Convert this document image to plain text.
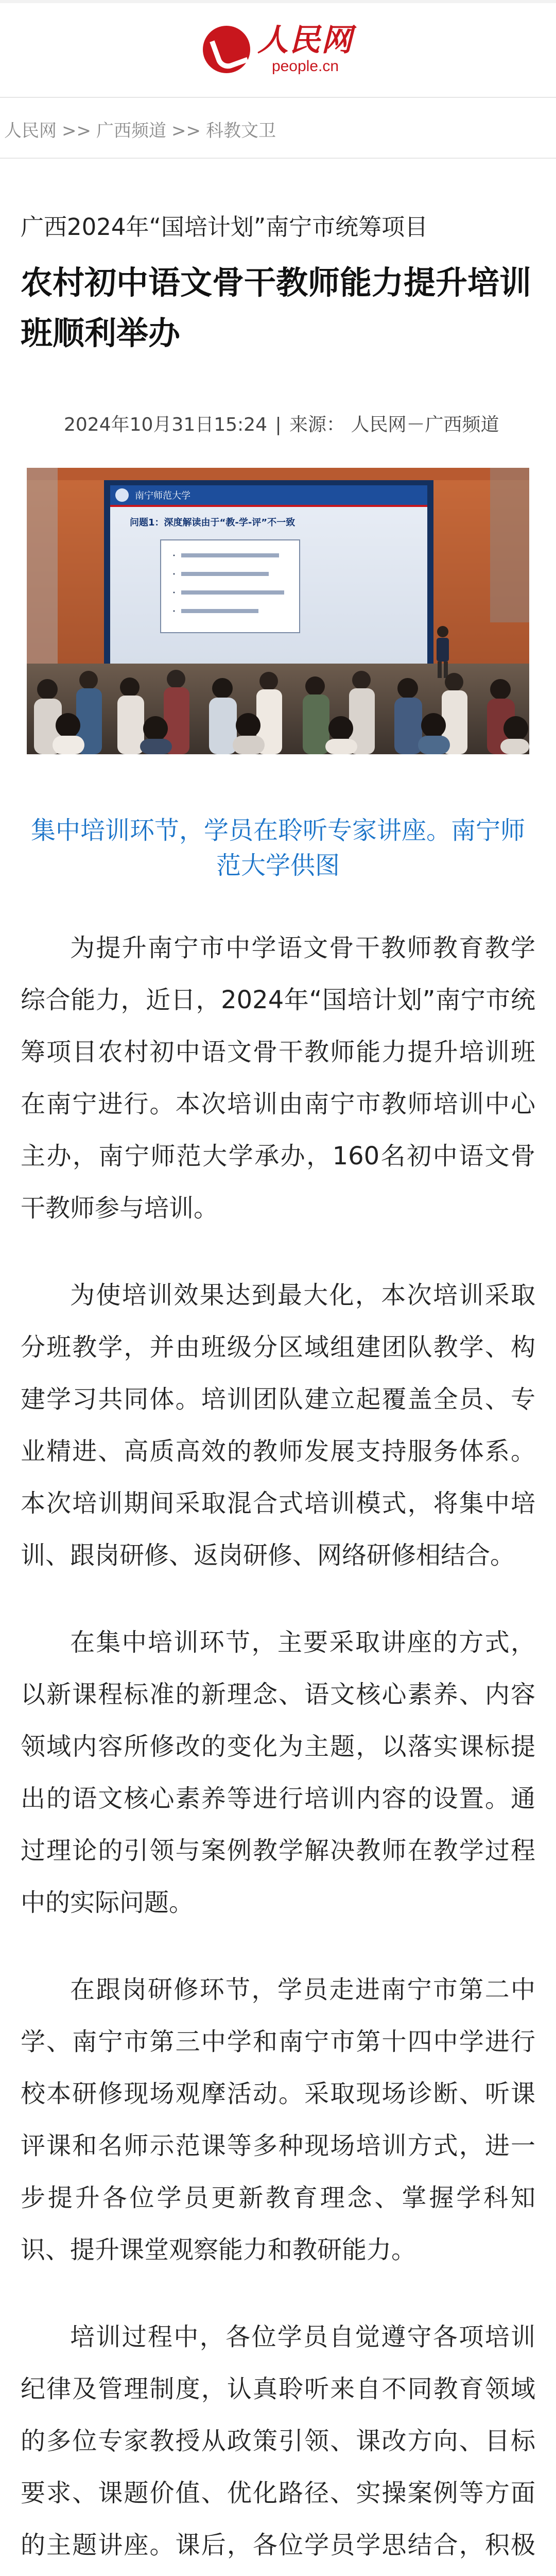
人民网
people.cn
人民网 >> 广西频道 >> 科教文卫
广西2024年“国培计划”南宁市统筹项目
农村初中语文骨干教师能力提升培训班顺利举办
2024年10月31日15:24 | 来源： 人民网－广西频道
南宁师范大学
问题1：深度解读由于“教-学-评”不一致
・
・
・
・

集中培训环节，学员在聆听专家讲座。南宁师范大学供图

为提升南宁市中学语文骨干教师教育教学综合能力，近日，2024年“国培计划”南宁市统筹项目农村初中语文骨干教师能力提升培训班在南宁进行。本次培训由南宁市教师培训中心主办，南宁师范大学承办，160名初中语文骨干教师参与培训。

为使培训效果达到最大化，本次培训采取分班教学，并由班级分区域组建团队教学、构建学习共同体。培训团队建立起覆盖全员、专业精进、高质高效的教师发展支持服务体系。本次培训期间采取混合式培训模式，将集中培训、跟岗研修、返岗研修、网络研修相结合。

在集中培训环节，主要采取讲座的方式，以新课程标准的新理念、语文核心素养、内容领域内容所修改的变化为主题，以落实课标提出的语文核心素养等进行培训内容的设置。通过理论的引领与案例教学解决教师在教学过程中的实际问题。

在跟岗研修环节，学员走进南宁市第二中学、南宁市第三中学和南宁市第十四中学进行校本研修现场观摩活动。采取现场诊断、听课评课和名师示范课等多种现场培训方式，进一步提升各位学员更新教育理念、掌握学科知识、提升课堂观察能力和教研能力。

培训过程中，各位学员自觉遵守各项培训纪律及管理制度，认真聆听来自不同教育领域的多位专家教授从政策引领、课改方向、目标要求、课题价值、优化路径、实操案例等方面的主题讲座。课后，各位学员学思结合，积极
